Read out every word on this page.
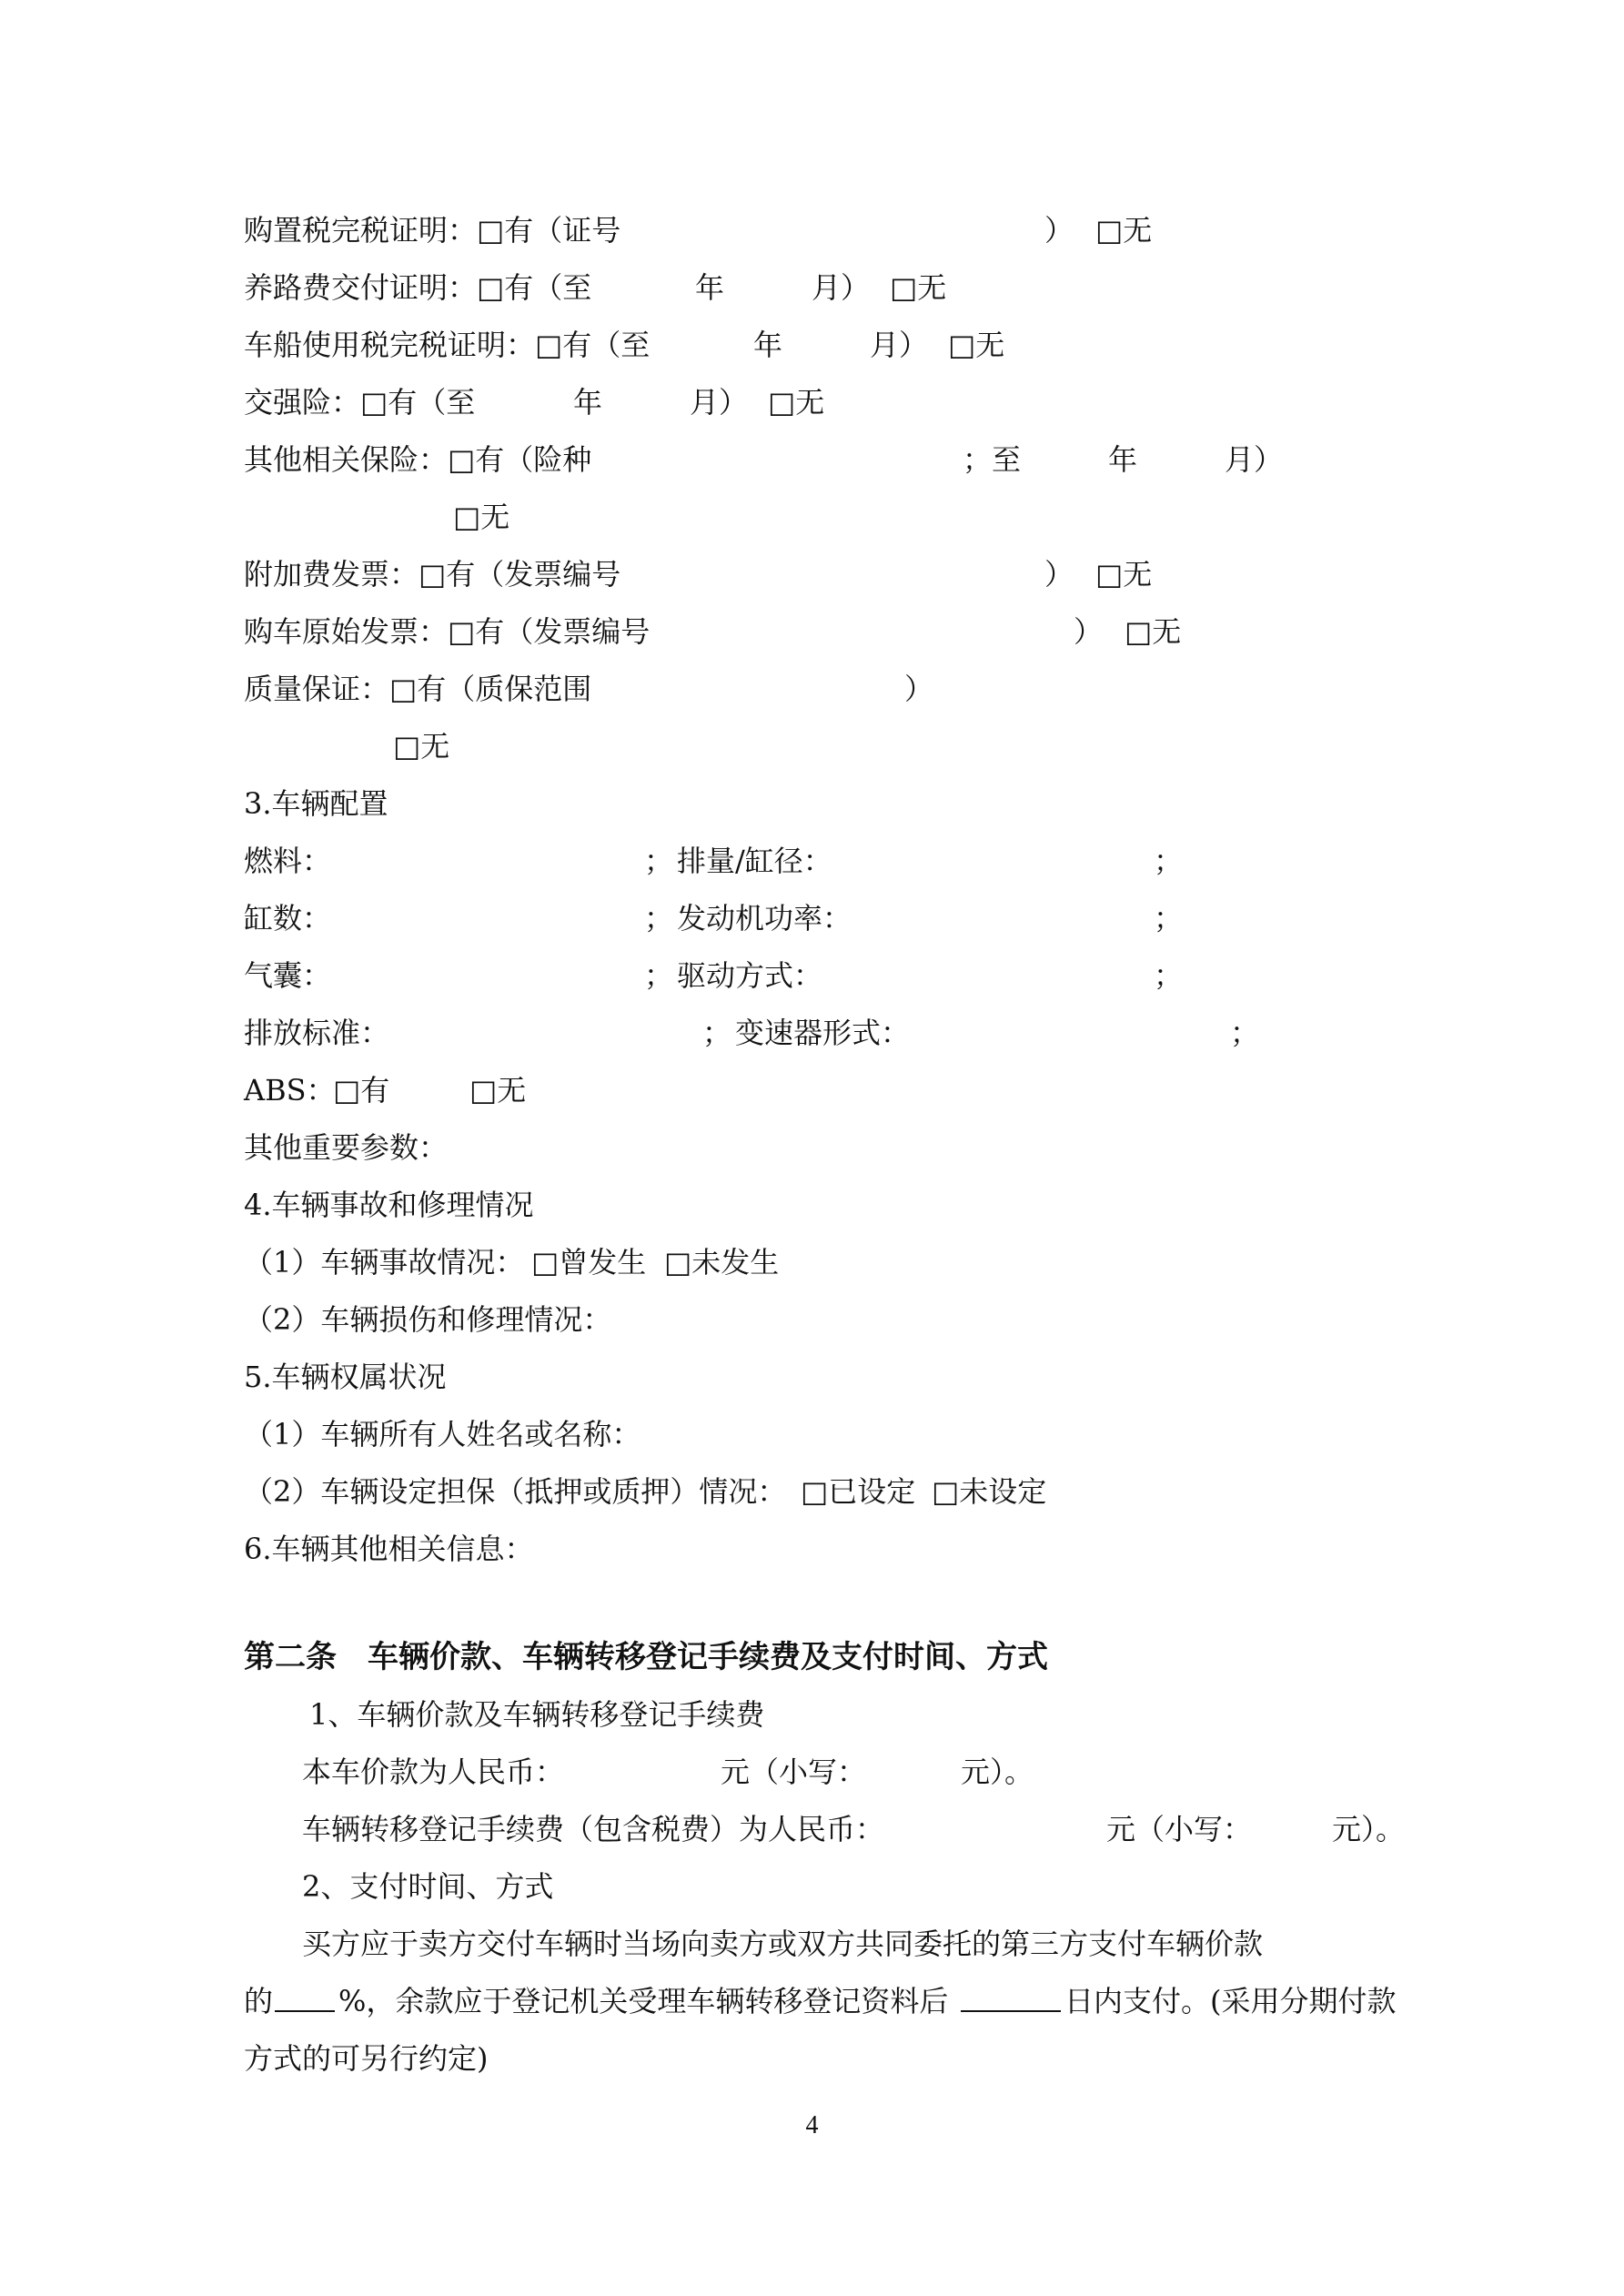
购置税完税证明： □有（证号	） □无
养路费交付证明： □有（至	年	月） □无
车船使用税完税证明： □有（至	年	月） □无
交强险： □有（至	年	月） □无
其他相关保险： □有（险种	；至	年	月）
□无
附加费发票： □有（发票编号	） □无
购车原始发票： □有（发票编号	） □无
质量保证： □有（质保范围	）
□无
3.车辆配置
燃料：	； 排量/缸径：	；
缸数：	； 发动机功率：	；
气囊：	； 驱动方式：	；
排放标准：	； 变速器形式：	；
ABS：
□有	□无
其他重要参数：
4.车辆事故和修理情况
（1）车辆事故情况： □曾发生 □未发生
（2）车辆损伤和修理情况：
5.车辆权属状况
（1）车辆所有人姓名或名称：
（2）车辆设定担保（抵押或质押）情况： □已设定 □未设定
6.车辆其他相关信息：
第二条　车辆价款、车辆转移登记手续费及支付时间、方式
1、车辆价款及车辆转移登记手续费
本车价款为人民币：	元（小写：	元）。
车辆转移登记手续费（包含税费）为人民币：	元（小写：	元）。
2、支付时间、方式
买方应于卖方交付车辆时当场向卖方或双方共同委托的第三方支付车辆价款
的 %，余款应于登记机关受理车辆转移登记资料后	日内支付。(采用分期付款
方式的可另行约定)
4
